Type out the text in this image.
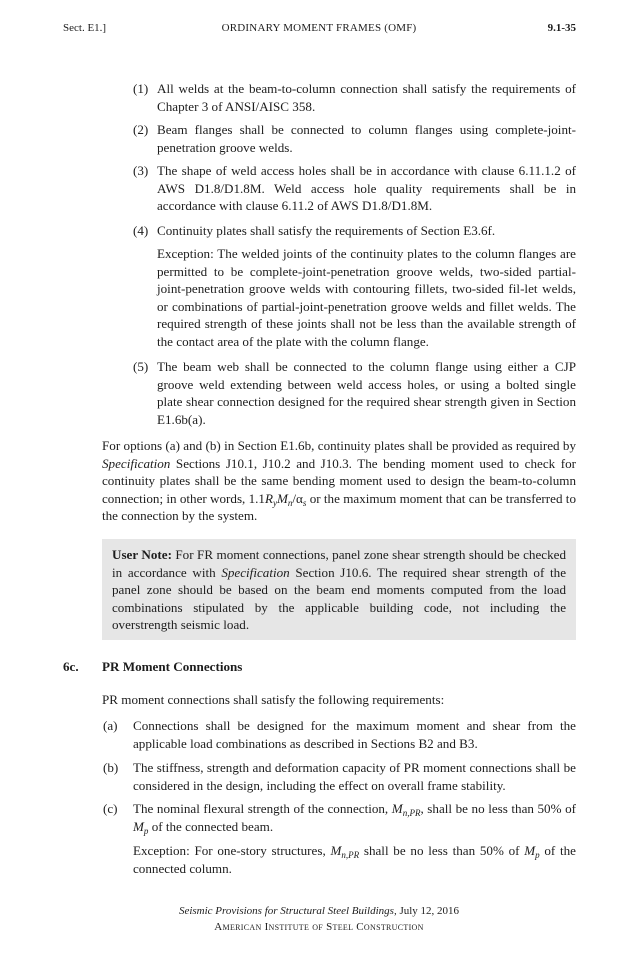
Sect. E1.]	ORDINARY MOMENT FRAMES (OMF)	9.1-35
(1) All welds at the beam-to-column connection shall satisfy the requirements of Chapter 3 of ANSI/AISC 358.
(2) Beam flanges shall be connected to column flanges using complete-joint-penetration groove welds.
(3) The shape of weld access holes shall be in accordance with clause 6.11.1.2 of AWS D1.8/D1.8M. Weld access hole quality requirements shall be in accordance with clause 6.11.2 of AWS D1.8/D1.8M.
(4) Continuity plates shall satisfy the requirements of Section E3.6f.
Exception: The welded joints of the continuity plates to the column flanges are permitted to be complete-joint-penetration groove welds, two-sided partial-joint-penetration groove welds with contouring fillets, two-sided fil-let welds, or combinations of partial-joint-penetration groove welds and fillet welds. The required strength of these joints shall not be less than the available strength of the contact area of the plate with the column flange.
(5) The beam web shall be connected to the column flange using either a CJP groove weld extending between weld access holes, or using a bolted single plate shear connection designed for the required shear strength given in Section E1.6b(a).
For options (a) and (b) in Section E1.6b, continuity plates shall be provided as required by Specification Sections J10.1, J10.2 and J10.3. The bending moment used to check for continuity plates shall be the same bending moment used to design the beam-to-column connection; in other words, $1.1R_yM_n/\alpha_s$ or the maximum moment that can be transferred to the connection by the system.
User Note: For FR moment connections, panel zone shear strength should be checked in accordance with Specification Section J10.6. The required shear strength of the panel zone should be based on the beam end moments computed from the load combinations stipulated by the applicable building code, not including the overstrength seismic load.
6c. PR Moment Connections
PR moment connections shall satisfy the following requirements:
(a) Connections shall be designed for the maximum moment and shear from the applicable load combinations as described in Sections B2 and B3.
(b) The stiffness, strength and deformation capacity of PR moment connections shall be considered in the design, including the effect on overall frame stability.
(c) The nominal flexural strength of the connection, $M_{n,PR}$, shall be no less than 50% of $M_p$ of the connected beam.
Exception: For one-story structures, $M_{n,PR}$ shall be no less than 50% of $M_p$ of the connected column.
Seismic Provisions for Structural Steel Buildings, July 12, 2016
American Institute of Steel Construction
